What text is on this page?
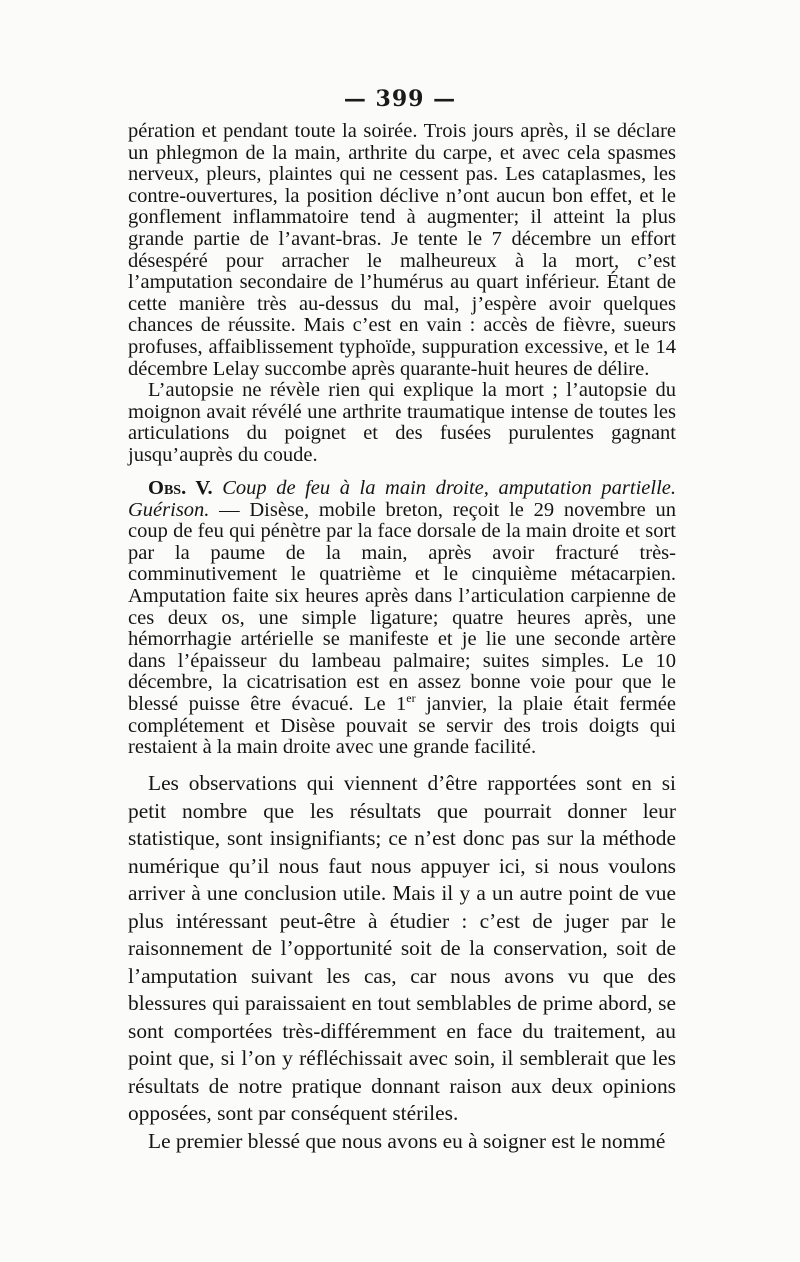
— 399 —

pération et pendant toute la soirée. Trois jours après, il se déclare un phlegmon de la main, arthrite du carpe, et avec cela spasmes nerveux, pleurs, plaintes qui ne cessent pas. Les cataplasmes, les contre-ouvertures, la position déclive n’ont aucun bon effet, et le gonflement inflammatoire tend à augmenter; il atteint la plus grande partie de l’avant-bras. Je tente le 7 décembre un effort désespéré pour arracher le malheureux à la mort, c’est l’amputation secondaire de l’humérus au quart inférieur. Étant de cette manière très au-dessus du mal, j’espère avoir quelques chances de réussite. Mais c’est en vain : accès de fièvre, sueurs profuses, affaiblissement typhoïde, suppuration excessive, et le 14 décembre Lelay succombe après quarante-huit heures de délire.

L’autopsie ne révèle rien qui explique la mort ; l’autopsie du moignon avait révélé une arthrite traumatique intense de toutes les articulations du poignet et des fusées purulentes gagnant jusqu’auprès du coude.

Obs. V. Coup de feu à la main droite, amputation partielle. Guérison. — Disèse, mobile breton, reçoit le 29 novembre un coup de feu qui pénètre par la face dorsale de la main droite et sort par la paume de la main, après avoir fracturé très-comminutivement le quatrième et le cinquième métacarpien. Amputation faite six heures après dans l’articulation carpienne de ces deux os, une simple ligature; quatre heures après, une hémorrhagie artérielle se manifeste et je lie une seconde artère dans l’épaisseur du lambeau palmaire; suites simples. Le 10 décembre, la cicatrisation est en assez bonne voie pour que le blessé puisse être évacué. Le 1er janvier, la plaie était fermée complétement et Disèse pouvait se servir des trois doigts qui restaient à la main droite avec une grande facilité.

Les observations qui viennent d’être rapportées sont en si petit nombre que les résultats que pourrait donner leur statistique, sont insignifiants; ce n’est donc pas sur la méthode numérique qu’il nous faut nous appuyer ici, si nous voulons arriver à une conclusion utile. Mais il y a un autre point de vue plus intéressant peut-être à étudier : c’est de juger par le raisonnement de l’opportunité soit de la conservation, soit de l’amputation suivant les cas, car nous avons vu que des blessures qui paraissaient en tout semblables de prime abord, se sont comportées très-différemment en face du traitement, au point que, si l’on y réfléchissait avec soin, il semblerait que les résultats de notre pratique donnant raison aux deux opinions opposées, sont par conséquent stériles.

Le premier blessé que nous avons eu à soigner est le nommé
